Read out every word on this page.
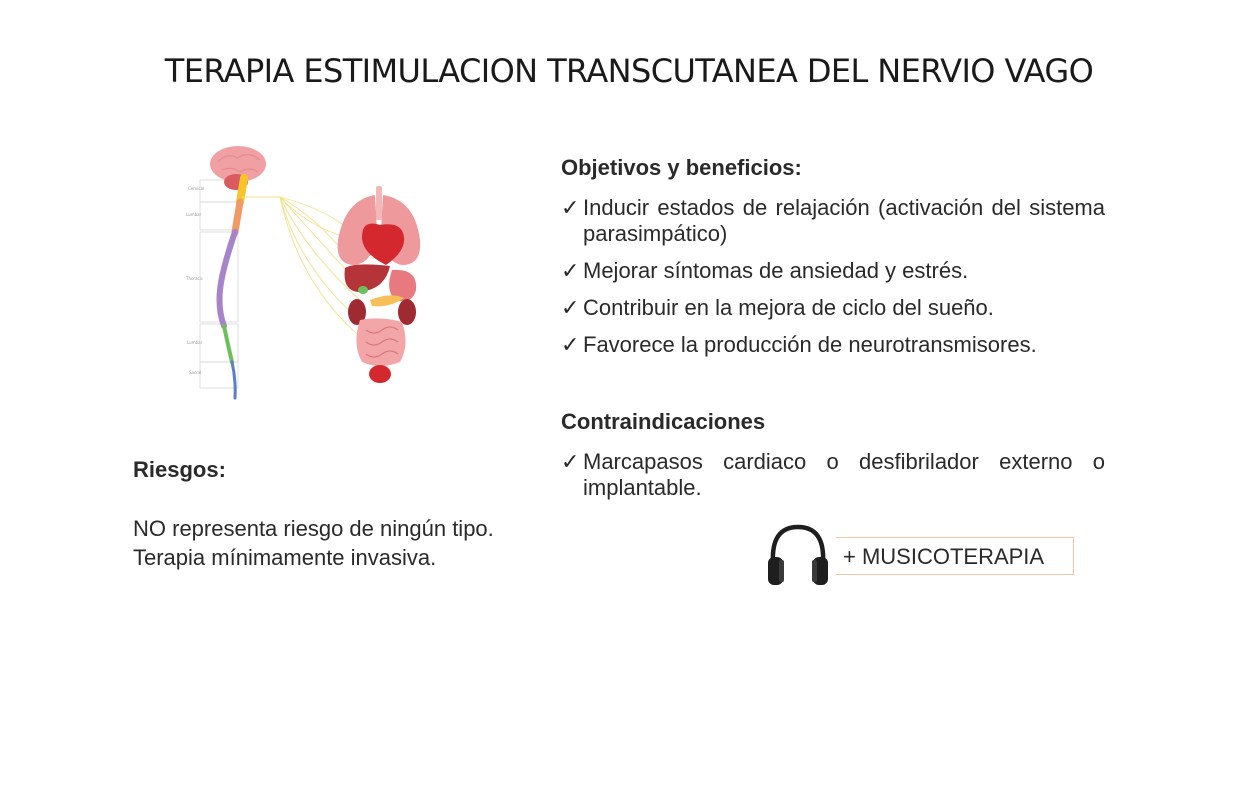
TERAPIA ESTIMULACION TRANSCUTANEA DEL NERVIO VAGO
Cervical
Lumbar
Thoracic
Lumbar
Sacral
Objetivos y beneficios:
✓ Inducir estados de relajación (activación del sistema parasimpático)
✓ Mejorar síntomas de ansiedad y estrés.
✓ Contribuir en la mejora de ciclo del sueño.
✓ Favorece la producción de neurotransmisores.
Contraindicaciones
✓ Marcapasos cardiaco o desfibrilador externo o implantable.
Riesgos:
NO representa riesgo de ningún tipo.
Terapia mínimamente invasiva.	+ MUSICOTERAPIA
